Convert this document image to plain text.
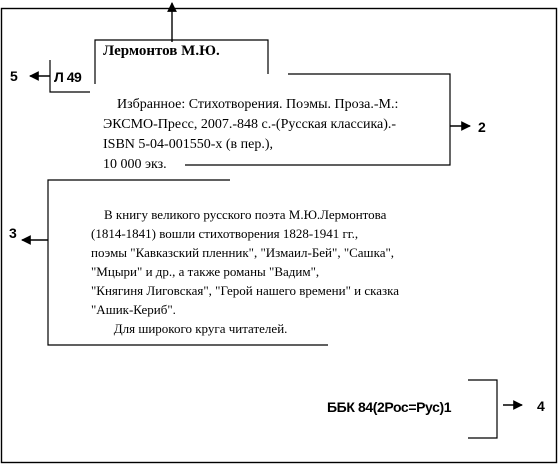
Лермонтов М.Ю.
Л 49
Избранное: Стихотворения. Поэмы. Проза.-М.:
ЭКСМО-Пресс, 2007.-848 с.-(Русская классика).-
ISBN 5-04-001550-x (в пер.),
10 000 экз.
В книгу великого русского поэта М.Ю.Лермонтова
(1814-1841) вошли стихотворения 1828-1941 гг.,
поэмы "Кавказский пленник", "Измаил-Бей", "Сашка",
"Мцыри" и др., а также романы "Вадим",
"Княгиня Лиговская", "Герой нашего времени" и сказка
"Ашик-Кериб".
Для широкого круга читателей.
ББК 84(2Рос=Рус)1
5
2
3
4
